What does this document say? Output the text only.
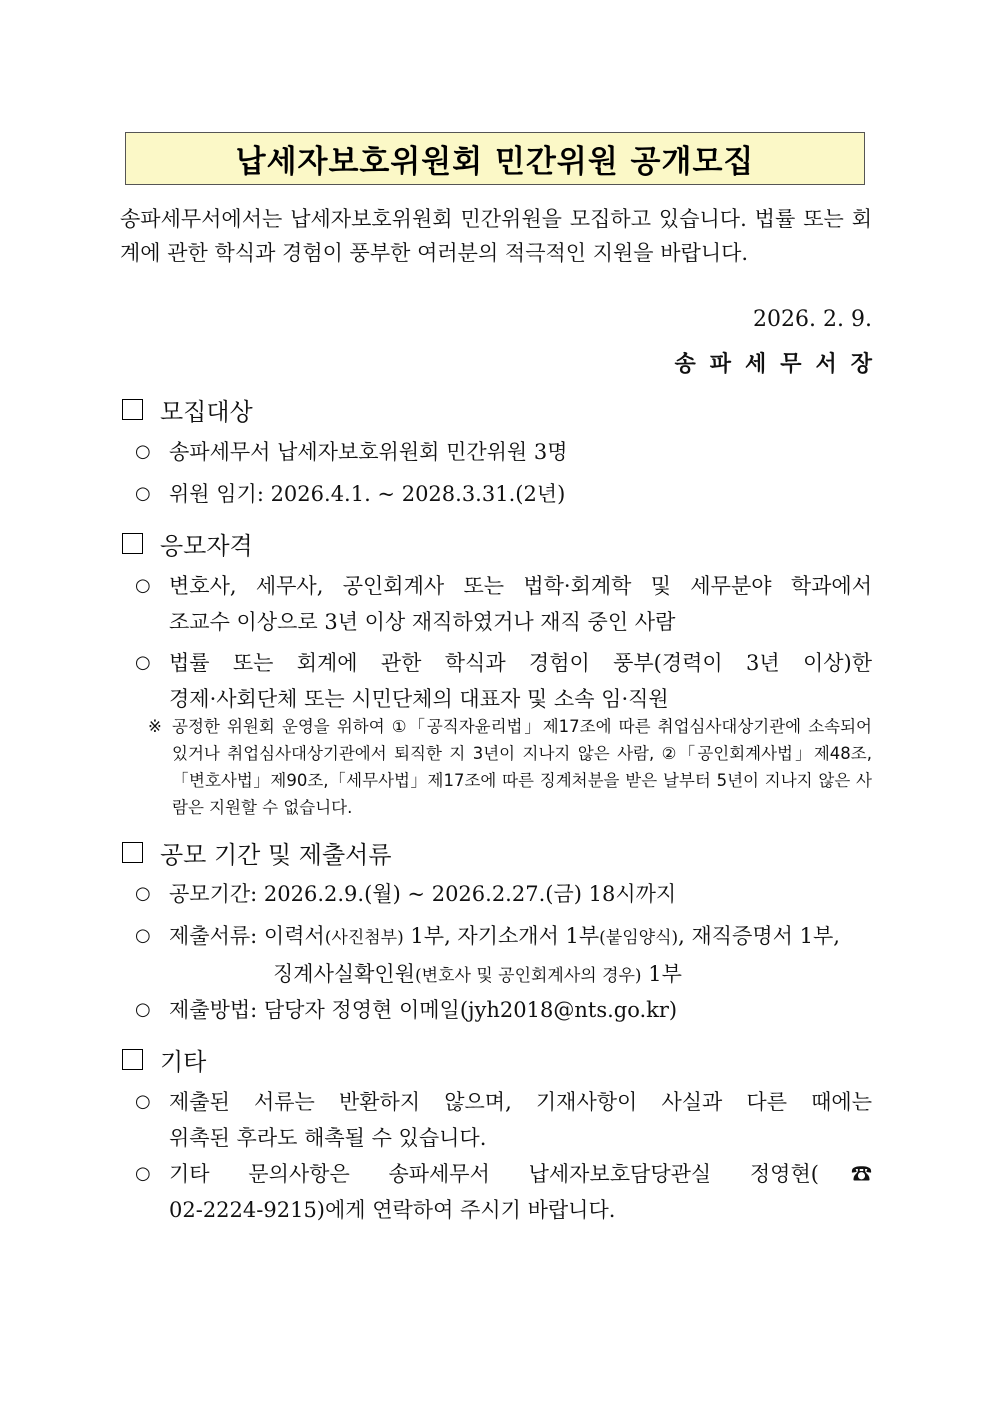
납세자보호위원회 민간위원 공개모집
송파세무서에서는 납세자보호위원회 민간위원을 모집하고 있습니다. 법률 또는 회계에 관한 학식과 경험이 풍부한 여러분의 적극적인 지원을 바랍니다.
2026. 2. 9.
송파세무서장
모집대상
○ 송파세무서 납세자보호위원회 민간위원 3명
○ 위원 임기: 2026.4.1. ~ 2028.3.31.(2년)
응모자격
○ 변호사, 세무사, 공인회계사 또는 법학·회계학 및 세무분야 학과에서
조교수 이상으로 3년 이상 재직하였거나 재직 중인 사람
○ 법률 또는 회계에 관한 학식과 경험이 풍부(경력이 3년 이상)한
경제·사회단체 또는 시민단체의 대표자 및 소속 임·직원
※ 공정한 위원회 운영을 위하여 ①「공직자윤리법」제17조에 따른 취업심사대상기관에 소속되어 있거나 취업심사대상기관에서 퇴직한 지 3년이 지나지 않은 사람, ②「공인회계사법」제48조,「변호사법」제90조,「세무사법」제17조에 따른 징계처분을 받은 날부터 5년이 지나지 않은 사람은 지원할 수 없습니다.
공모 기간 및 제출서류
○ 공모기간: 2026.2.9.(월) ~ 2026.2.27.(금) 18시까지
○ 제출서류: 이력서(사진첨부) 1부, 자기소개서 1부(붙임양식), 재직증명서 1부,
징계사실확인원(변호사 및 공인회계사의 경우) 1부
○ 제출방법: 담당자 정영현 이메일(jyh2018@nts.go.kr)
기타
○ 제출된 서류는 반환하지 않으며, 기재사항이 사실과 다른 때에는
위촉된 후라도 해촉될 수 있습니다.
○ 기타 문의사항은 송파세무서 납세자보호담당관실 정영현(☎
02-2224-9215)에게 연락하여 주시기 바랍니다.
